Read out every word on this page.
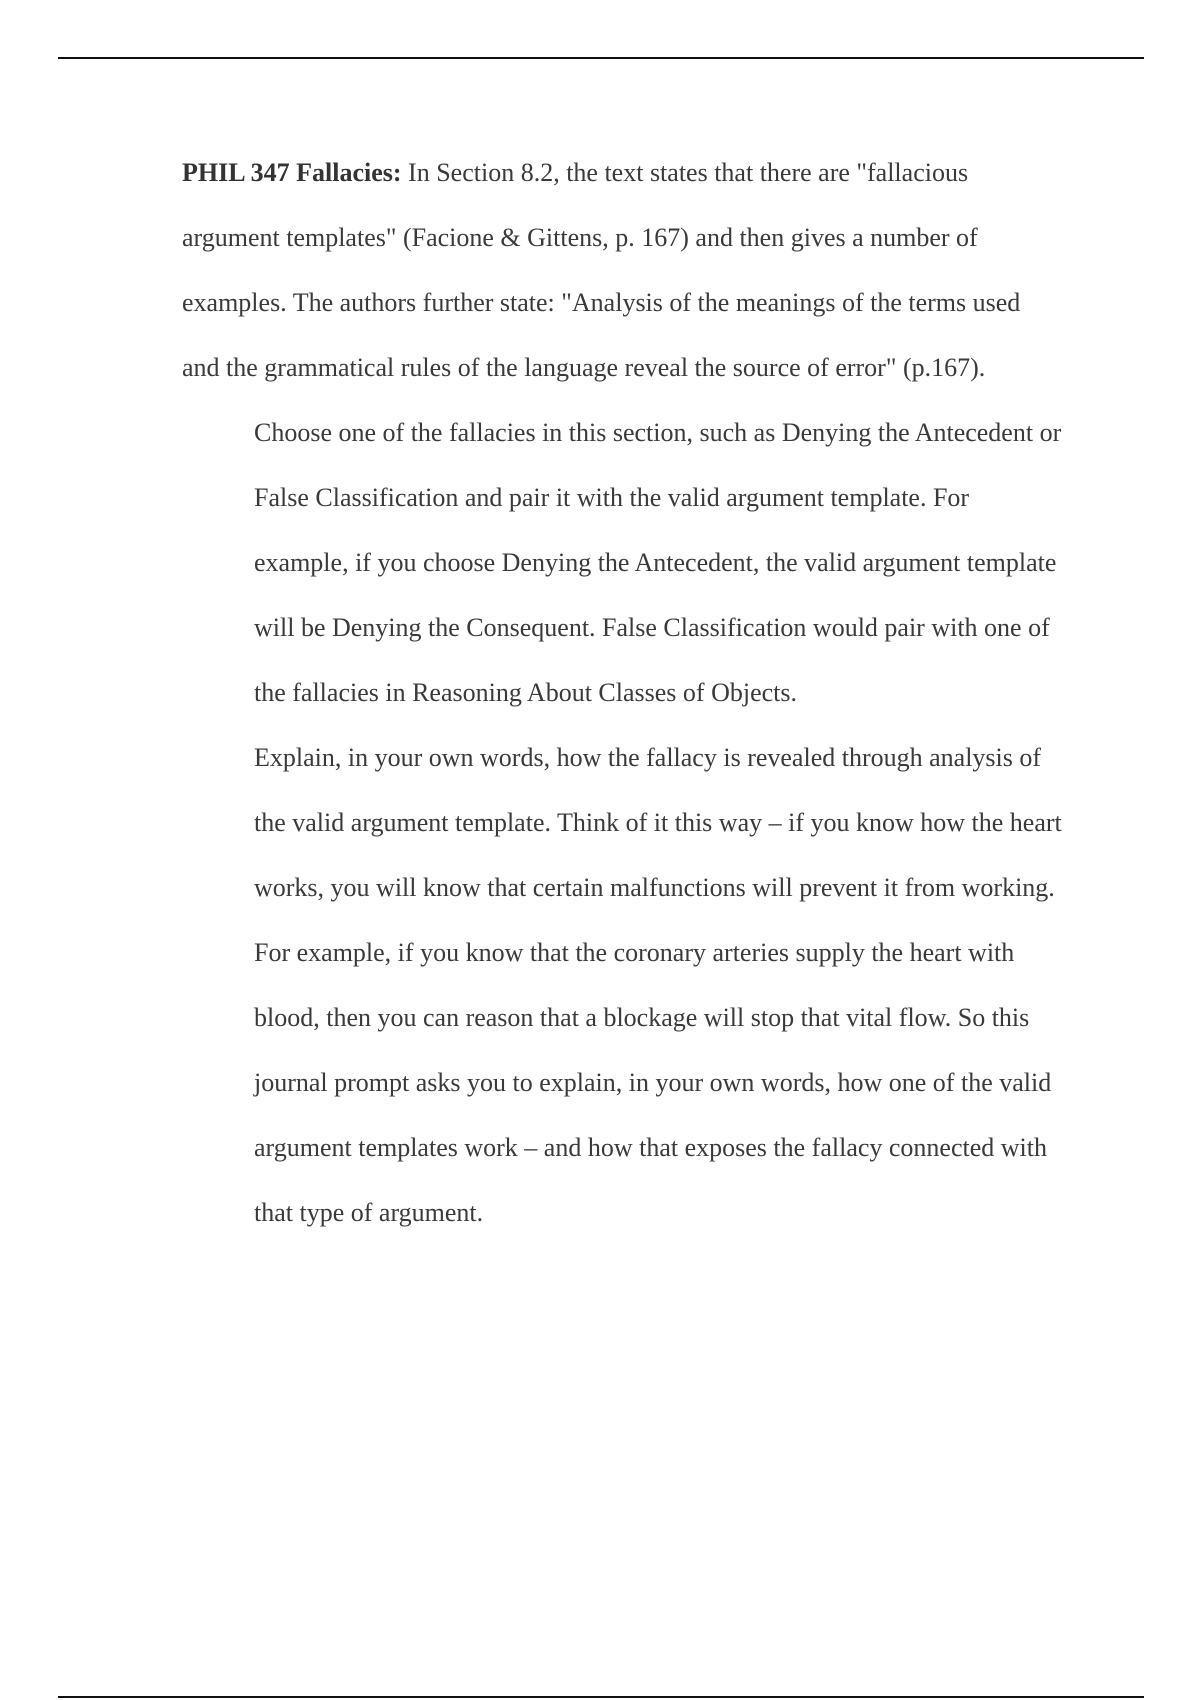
PHIL 347 Fallacies: In Section 8.2, the text states that there are "fallacious argument templates" (Facione & Gittens, p. 167) and then gives a number of examples. The authors further state: "Analysis of the meanings of the terms used and the grammatical rules of the language reveal the source of error" (p.167).

Choose one of the fallacies in this section, such as Denying the Antecedent or False Classification and pair it with the valid argument template. For example, if you choose Denying the Antecedent, the valid argument template will be Denying the Consequent. False Classification would pair with one of the fallacies in Reasoning About Classes of Objects.

Explain, in your own words, how the fallacy is revealed through analysis of the valid argument template. Think of it this way – if you know how the heart works, you will know that certain malfunctions will prevent it from working. For example, if you know that the coronary arteries supply the heart with blood, then you can reason that a blockage will stop that vital flow. So this journal prompt asks you to explain, in your own words, how one of the valid argument templates work – and how that exposes the fallacy connected with that type of argument.
